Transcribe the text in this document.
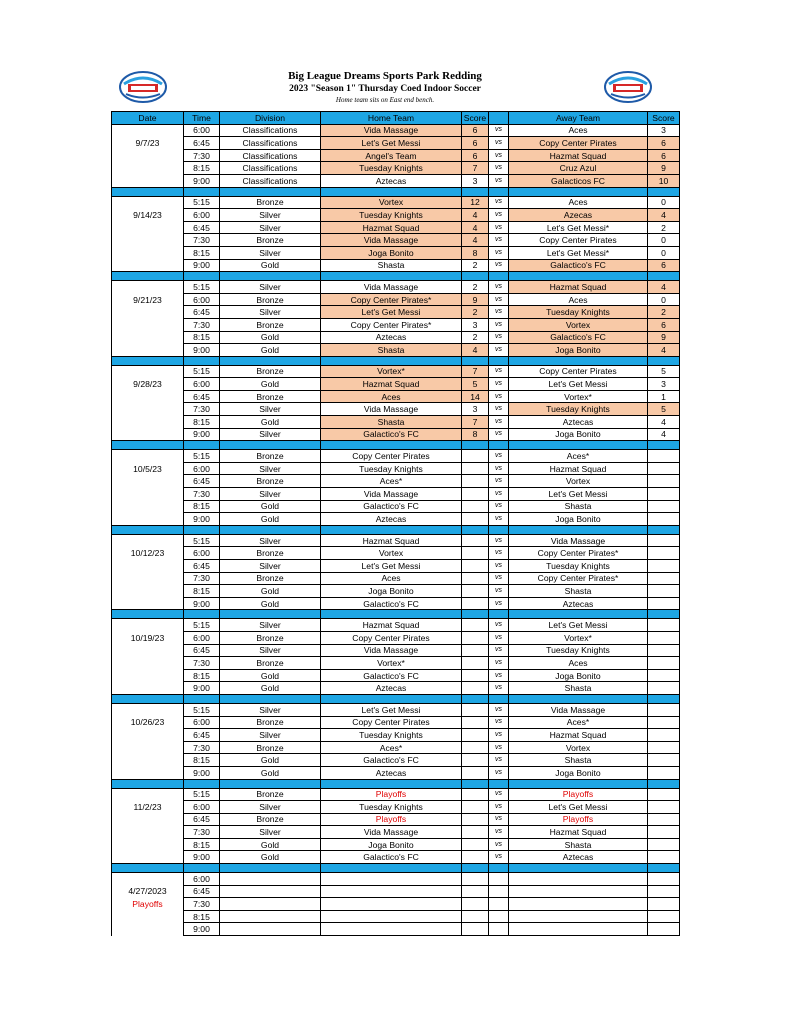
Big League Dreams Sports Park Redding
2023 "Season 1" Thursday Coed Indoor Soccer
Home team sits on East end bench.
Date	Time	Division	Home Team	Score		Away Team	Score
	6:00	Classifications	Vida Massage	6	vs	Aces	3
9/7/23	6:45	Classifications	Let's Get Messi	6	vs	Copy Center Pirates	6
	7:30	Classifications	Angel's Team	6	vs	Hazmat Squad	6
	8:15	Classifications	Tuesday Knights	7	vs	Cruz Azul	9
	9:00	Classifications	Aztecas	3	vs	Galacticos FC	10

	5:15	Bronze	Vortex	12	vs	Aces	0
9/14/23	6:00	Silver	Tuesday Knights	4	vs	Azecas	4
	6:45	Silver	Hazmat Squad	4	vs	Let's Get Messi*	2
	7:30	Bronze	Vida Massage	4	vs	Copy Center Pirates	0
	8:15	Silver	Joga Bonito	8	vs	Let's Get Messi*	0
	9:00	Gold	Shasta	2	vs	Galactico's FC	6

	5:15	Silver	Vida Massage	2	vs	Hazmat Squad	4
9/21/23	6:00	Bronze	Copy Center Pirates*	9	vs	Aces	0
	6:45	Silver	Let's Get Messi	2	vs	Tuesday Knights	2
	7:30	Bronze	Copy Center Pirates*	3	vs	Vortex	6
	8:15	Gold	Aztecas	2	vs	Galactico's FC	9
	9:00	Gold	Shasta	4	vs	Joga Bonito	4

	5:15	Bronze	Vortex*	7	vs	Copy Center Pirates	5
9/28/23	6:00	Gold	Hazmat Squad	5	vs	Let's Get Messi	3
	6:45	Bronze	Aces	14	vs	Vortex*	1
	7:30	Silver	Vida Massage	3	vs	Tuesday Knights	5
	8:15	Gold	Shasta	7	vs	Aztecas	4
	9:00	Silver	Galactico's FC	8	vs	Joga Bonito	4

	5:15	Bronze	Copy Center Pirates		vs	Aces*	
10/5/23	6:00	Silver	Tuesday Knights		vs	Hazmat Squad	
	6:45	Bronze	Aces*		vs	Vortex	
	7:30	Silver	Vida Massage		vs	Let's Get Messi	
	8:15	Gold	Galactico's FC		vs	Shasta	
	9:00	Gold	Aztecas		vs	Joga Bonito	

	5:15	Silver	Hazmat Squad		vs	Vida Massage	
10/12/23	6:00	Bronze	Vortex		vs	Copy Center Pirates*	
	6:45	Silver	Let's Get Messi		vs	Tuesday Knights	
	7:30	Bronze	Aces		vs	Copy Center Pirates*	
	8:15	Gold	Joga Bonito		vs	Shasta	
	9:00	Gold	Galactico's FC		vs	Aztecas	

	5:15	Silver	Hazmat Squad		vs	Let's Get Messi	
10/19/23	6:00	Bronze	Copy Center Pirates		vs	Vortex*	
	6:45	Silver	Vida Massage		vs	Tuesday Knights	
	7:30	Bronze	Vortex*		vs	Aces	
	8:15	Gold	Galactico's FC		vs	Joga Bonito	
	9:00	Gold	Aztecas		vs	Shasta	

	5:15	Silver	Let's Get Messi		vs	Vida Massage	
10/26/23	6:00	Bronze	Copy Center Pirates		vs	Aces*	
	6:45	Silver	Tuesday Knights		vs	Hazmat Squad	
	7:30	Bronze	Aces*		vs	Vortex	
	8:15	Gold	Galactico's FC		vs	Shasta	
	9:00	Gold	Aztecas		vs	Joga Bonito	

	5:15	Bronze	Playoffs		vs	Playoffs	
11/2/23	6:00	Silver	Tuesday Knights		vs	Let's Get Messi	
	6:45	Bronze	Playoffs		vs	Playoffs	
	7:30	Silver	Vida Massage		vs	Hazmat Squad	
	8:15	Gold	Joga Bonito		vs	Shasta	
	9:00	Gold	Galactico's FC		vs	Aztecas	

	6:00						
4/27/2023	6:45						
Playoffs	7:30						
	8:15						
	9:00						
